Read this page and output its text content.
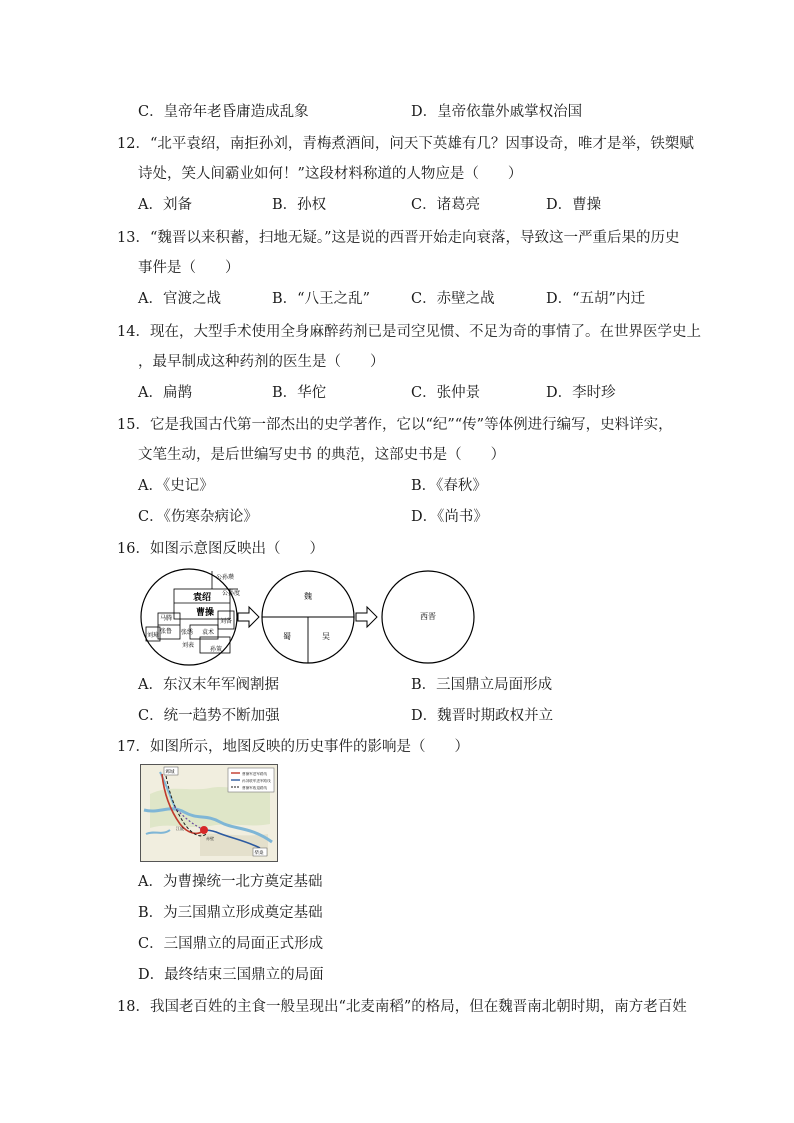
C．皇帝年老昏庸造成乱象	D．皇帝依靠外戚掌权治国
12．“北平袁绍，南拒孙刘，青梅煮酒间，问天下英雄有几？因事设奇，唯才是举，铁槊赋
诗处，笑人间霸业如何！”这段材料称道的人物应是（　　）
A．刘备	B．孙权	C．诸葛亮	D．曹操
13．“魏晋以来积蓄，扫地无疑。”这是说的西晋开始走向衰落，导致这一严重后果的历史
事件是（　　）
A．官渡之战	B．“八王之乱”	C．赤壁之战	D．“五胡”内迁
14．现在，大型手术使用全身麻醉药剂已是司空见惯、不足为奇的事情了。在世界医学史上
，最早制成这种药剂的医生是（　　）
A．扁鹊	B．华佗	C．张仲景	D．李时珍
15．它是我国古代第一部杰出的史学著作，它以“纪”“传”等体例进行编写，史料详实，
文笔生动，是后世编写史书 的典范，这部史书是（　　）
A．《史记》	B．《春秋》
C．《伤寒杂病论》	D．《尚书》
16．如图示意图反映出（　　）
公孙瓒
公孙度
刘备
马腾
张鲁
刘璋	张绣 袁术
刘表
孙策
袁绍
曹操
魏
蜀	吴
西晋
A．东汉末年军阀割据	B．三国鼎立局面形成
C．统一趋势不断加强	D．魏晋时期政权并立
17．如图所示，地图反映的历史事件的影响是（　　）
曹操军进军路线
孙刘联军进军路线
曹操军败退路线
邺城
江陵
赤壁
柴桑
A．为曹操统一北方奠定基础
B．为三国鼎立形成奠定基础
C．三国鼎立的局面正式形成
D．最终结束三国鼎立的局面
18．我国老百姓的主食一般呈现出“北麦南稻”的格局，但在魏晋南北朝时期，南方老百姓
